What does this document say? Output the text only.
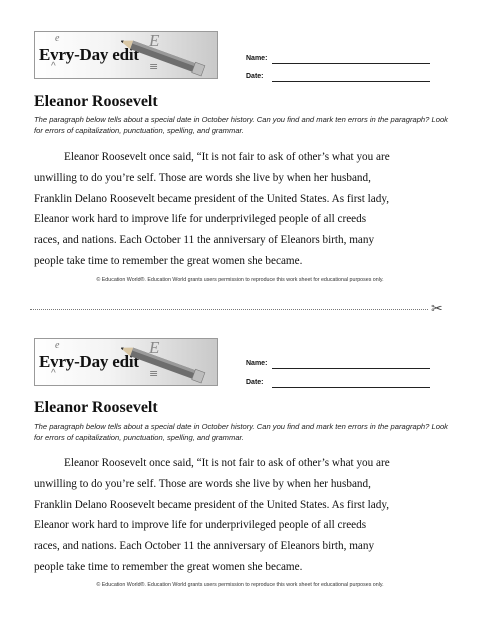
e
Evry-Day edit
^
E
≡
Name:
Date:
Eleanor Roosevelt
The paragraph below tells about a special date in October history. Can you find and mark ten errors in the paragraph? Look for errors of capitalization, punctuation, spelling, and grammar.
Eleanor Roosevelt once said, “It is not fair to ask of other’s what you are
unwilling to do you’re self. Those are words she live by when her husband,
Franklin Delano Roosevelt became president of the United States. As first lady,
Eleanor work hard to improve life for underprivileged people of all creeds
races, and nations. Each October 11 the anniversary of Eleanors birth, many
people take time to remember the great women she became.
© Education World®. Education World grants users permission to reproduce this work sheet for educational purposes only.
✂
e
Evry-Day edit
^
E
≡
Name:
Date:
Eleanor Roosevelt
The paragraph below tells about a special date in October history. Can you find and mark ten errors in the paragraph? Look for errors of capitalization, punctuation, spelling, and grammar.
Eleanor Roosevelt once said, “It is not fair to ask of other’s what you are
unwilling to do you’re self. Those are words she live by when her husband,
Franklin Delano Roosevelt became president of the United States. As first lady,
Eleanor work hard to improve life for underprivileged people of all creeds
races, and nations. Each October 11 the anniversary of Eleanors birth, many
people take time to remember the great women she became.
© Education World®. Education World grants users permission to reproduce this work sheet for educational purposes only.
